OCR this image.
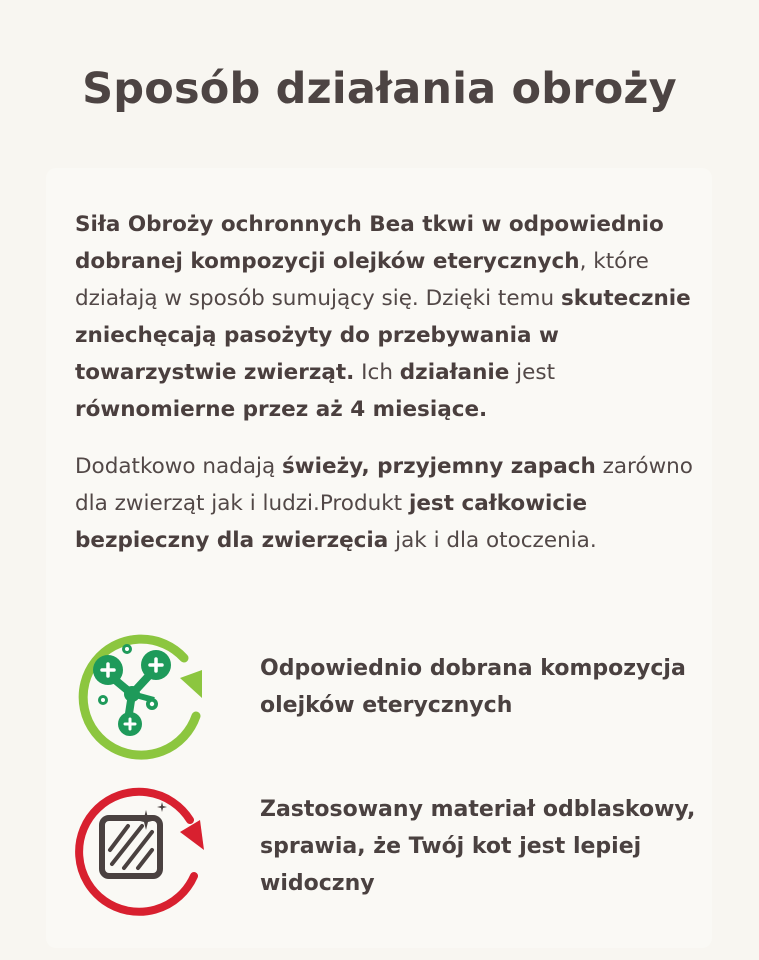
Sposób działania obroży

Siła Obroży ochronnych Bea tkwi w odpowiednio dobranej kompozycji olejków eterycznych, które działają w sposób sumujący się. Dzięki temu skutecznie zniechęcają pasożyty do przebywania w towarzystwie zwierząt. Ich działanie jest równomierne przez aż 4 miesiące.

Dodatkowo nadają świeży, przyjemny zapach zarówno dla zwierząt jak i ludzi.Produkt jest całkowicie bezpieczny dla zwierzęcia jak i dla otoczenia.

Odpowiednio dobrana kompozycja olejków eterycznych
Zastosowany materiał odblaskowy, sprawia, że Twój kot jest lepiej widoczny
